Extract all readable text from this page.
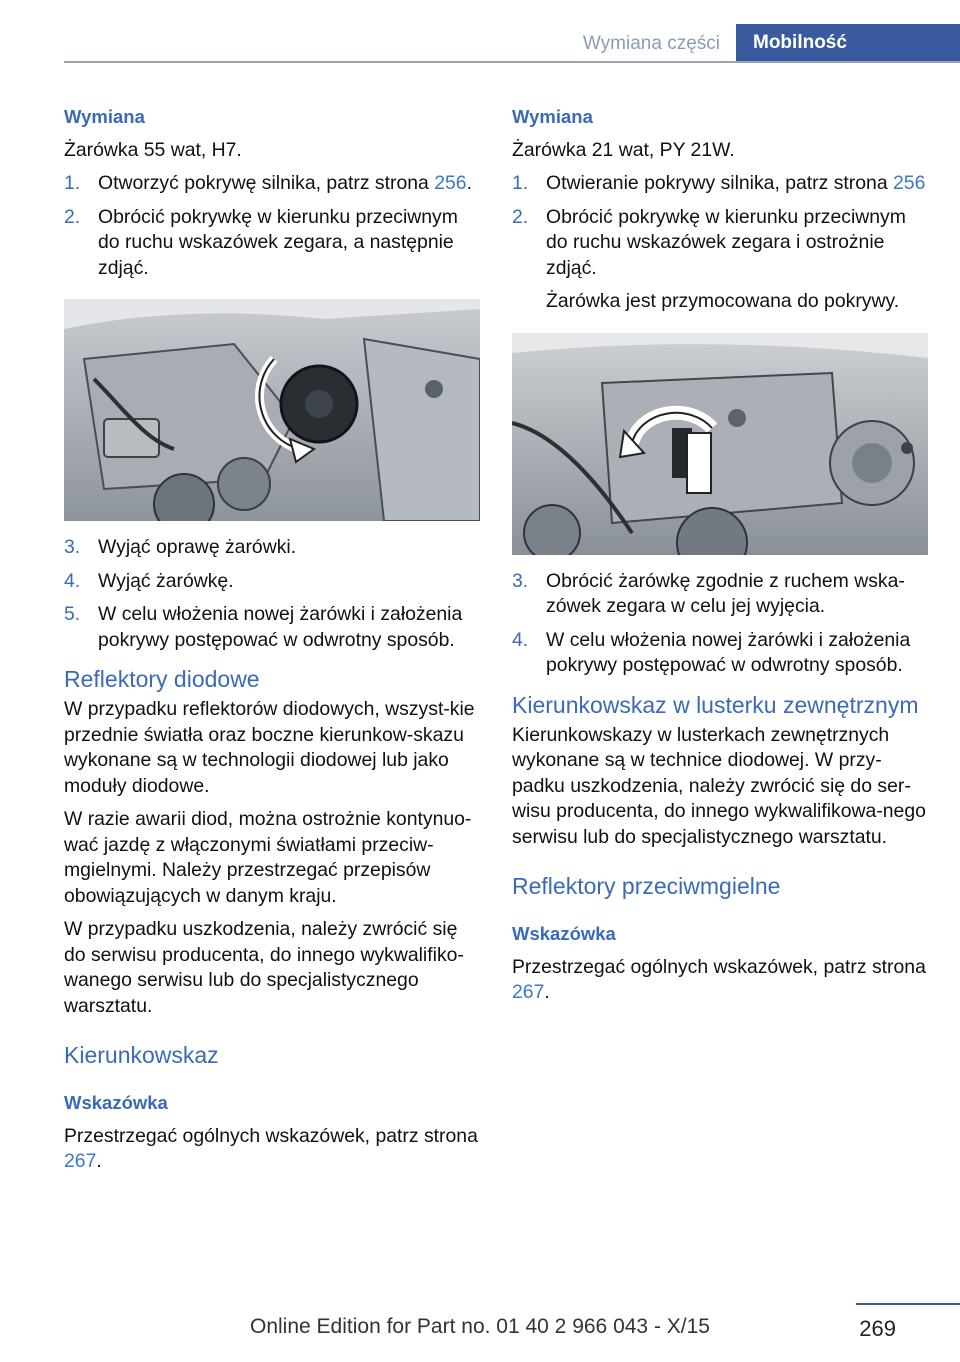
Wymiana części	Mobilność
Wymiana

Żarówka 55 wat, H7.

1. Otworzyć pokrywę silnika, patrz strona 256.
2. Obrócić pokrywkę w kierunku przeciwnym do ruchu wskazówek zegara, a następnie zdjąć.
3. Wyjąć oprawę żarówki.
4. Wyjąć żarówkę.
5. W celu włożenia nowej żarówki i założenia pokrywy postępować w odwrotny sposób.
Reflektory diodowe

W przypadku reflektorów diodowych, wszyst-kie przednie światła oraz boczne kierunkow-skazu wykonane są w technologii diodowej lub jako moduły diodowe.

W razie awarii diod, można ostrożnie kontynuo-wać jazdę z włączonymi światłami przeciw-mgielnymi. Należy przestrzegać przepisów obowiązujących w danym kraju.

W przypadku uszkodzenia, należy zwrócić się do serwisu producenta, do innego wykwalifiko-wanego serwisu lub do specjalistycznego warsztatu.

Kierunkowskaz
Wskazówka

Przestrzegać ogólnych wskazówek, patrz strona 267.

Wymiana

Żarówka 21 wat, PY 21W.

1. Otwieranie pokrywy silnika, patrz strona 256
2. Obrócić pokrywkę w kierunku przeciwnym do ruchu wskazówek zegara i ostrożnie zdjąć.
Żarówka jest przymocowana do pokrywy.
3. Obrócić żarówkę zgodnie z ruchem wska-zówek zegara w celu jej wyjęcia.
4. W celu włożenia nowej żarówki i założenia pokrywy postępować w odwrotny sposób.
Kierunkowskaz w lusterku zewnętrznym

Kierunkowskazy w lusterkach zewnętrznych wykonane są w technice diodowej. W przy-padku uszkodzenia, należy zwrócić się do ser-wisu producenta, do innego wykwalifikowa-nego serwisu lub do specjalistycznego warsztatu.

Reflektory przeciwmgielne
Wskazówka

Przestrzegać ogólnych wskazówek, patrz strona 267.

269
Online Edition for Part no. 01 40 2 966 043 - X/15
